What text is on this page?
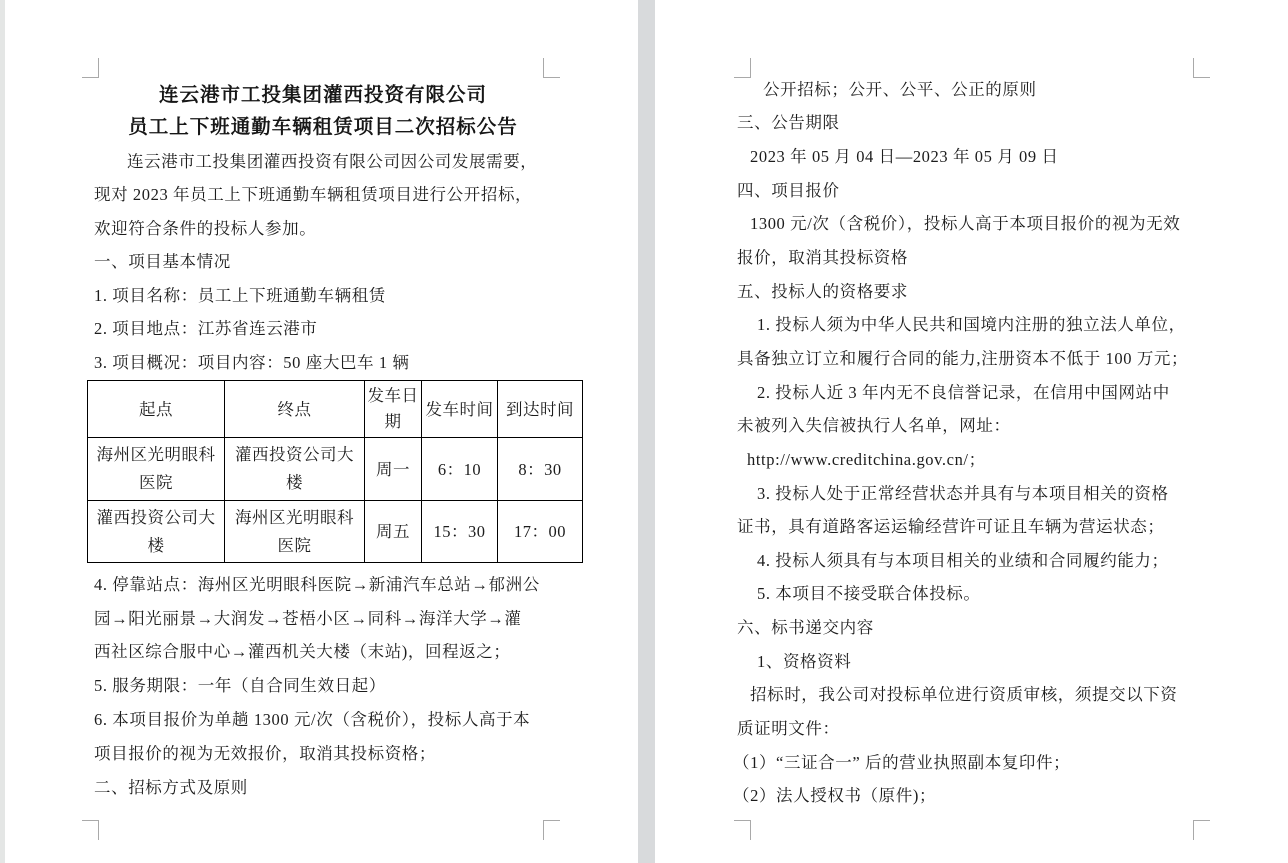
连云港市工投集团灌西投资有限公司
员工上下班通勤车辆租赁项目二次招标公告
连云港市工投集团灌西投资有限公司因公司发展需要，
现对 2023 年员工上下班通勤车辆租赁项目进行公开招标，
欢迎符合条件的投标人参加。
一、项目基本情况
1. 项目名称：员工上下班通勤车辆租赁
2. 项目地点：江苏省连云港市
3. 项目概况：项目内容：50 座大巴车 1 辆
起点	终点	发车日期	发车时间	到达时间
海州区光明眼科医院	灌西投资公司大楼	周一	6：10	8：30
灌西投资公司大楼	海州区光明眼科医院	周五	15：30	17：00
4. 停靠站点：海州区光明眼科医院→新浦汽车总站→郁洲公
园→阳光丽景→大润发→苍梧小区→同科→海洋大学→灌
西社区综合服中心→灌西机关大楼（末站)，回程返之；
5. 服务期限：一年（自合同生效日起）
6. 本项目报价为单趟 1300 元/次（含税价），投标人高于本
项目报价的视为无效报价，取消其投标资格；
二、招标方式及原则
公开招标；公开、公平、公正的原则
三、公告期限
2023 年 05 月 04 日—2023 年 05 月 09 日
四、项目报价
1300 元/次（含税价），投标人高于本项目报价的视为无效
报价，取消其投标资格
五、投标人的资格要求
1. 投标人须为中华人民共和国境内注册的独立法人单位，
具备独立订立和履行合同的能力,注册资本不低于 100 万元；
2. 投标人近 3 年内无不良信誉记录，在信用中国网站中
未被列入失信被执行人名单，网址：
http://www.creditchina.gov.cn/；
3. 投标人处于正常经营状态并具有与本项目相关的资格
证书，具有道路客运运输经营许可证且车辆为营运状态；
4. 投标人须具有与本项目相关的业绩和合同履约能力；
5. 本项目不接受联合体投标。
六、标书递交内容
1、资格资料
招标时，我公司对投标单位进行资质审核，须提交以下资
质证明文件：
（1）“三证合一” 后的营业执照副本复印件；
（2）法人授权书（原件)；
